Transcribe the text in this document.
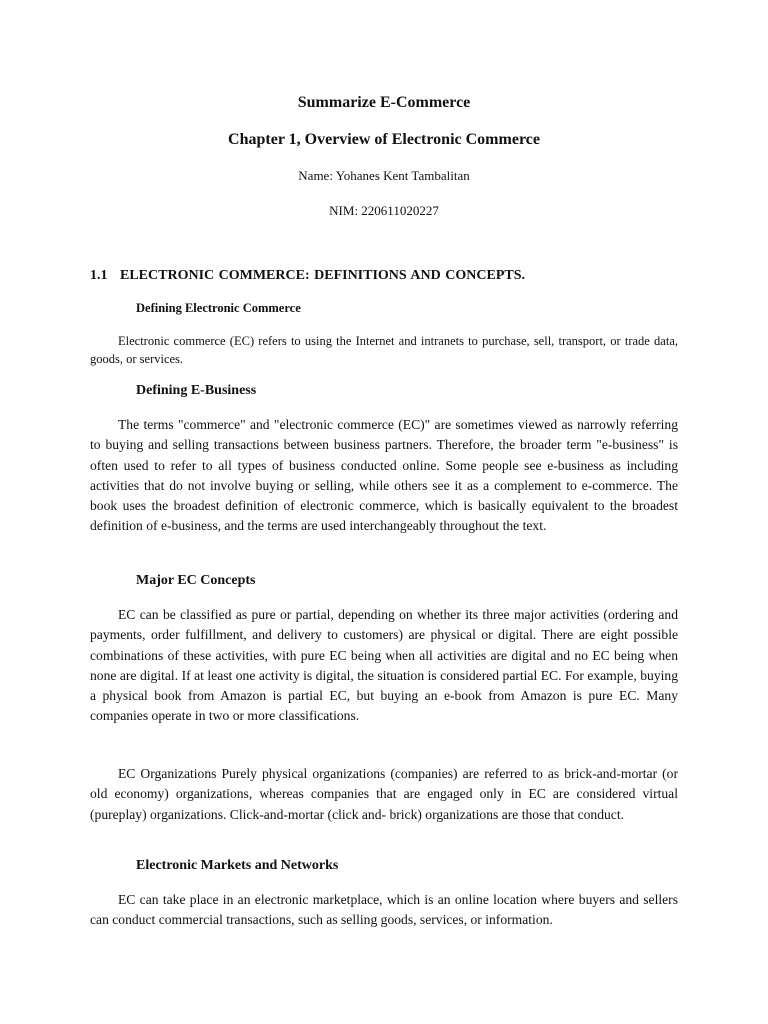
Summarize E-Commerce
Chapter 1, Overview of Electronic Commerce
Name: Yohanes Kent Tambalitan
NIM: 220611020227
1.1 ELECTRONIC COMMERCE: DEFINITIONS AND CONCEPTS.
Defining Electronic Commerce

Electronic commerce (EC) refers to using the Internet and intranets to purchase, sell, transport, or trade data, goods, or services.

Defining E-Business

The terms "commerce" and "electronic commerce (EC)" are sometimes viewed as narrowly referring to buying and selling transactions between business partners. Therefore, the broader term "e-business" is often used to refer to all types of business conducted online. Some people see e-business as including activities that do not involve buying or selling, while others see it as a complement to e-commerce. The book uses the broadest definition of electronic commerce, which is basically equivalent to the broadest definition of e-business, and the terms are used interchangeably throughout the text.

Major EC Concepts

EC can be classified as pure or partial, depending on whether its three major activities (ordering and payments, order fulfillment, and delivery to customers) are physical or digital. There are eight possible combinations of these activities, with pure EC being when all activities are digital and no EC being when none are digital. If at least one activity is digital, the situation is considered partial EC. For example, buying a physical book from Amazon is partial EC, but buying an e-book from Amazon is pure EC. Many companies operate in two or more classifications.

EC Organizations Purely physical organizations (companies) are referred to as brick-and-mortar (or old economy) organizations, whereas companies that are engaged only in EC are considered virtual (pureplay) organizations. Click-and-mortar (click and- brick) organizations are those that conduct.

Electronic Markets and Networks

EC can take place in an electronic marketplace, which is an online location where buyers and sellers can conduct commercial transactions, such as selling goods, services, or information.
